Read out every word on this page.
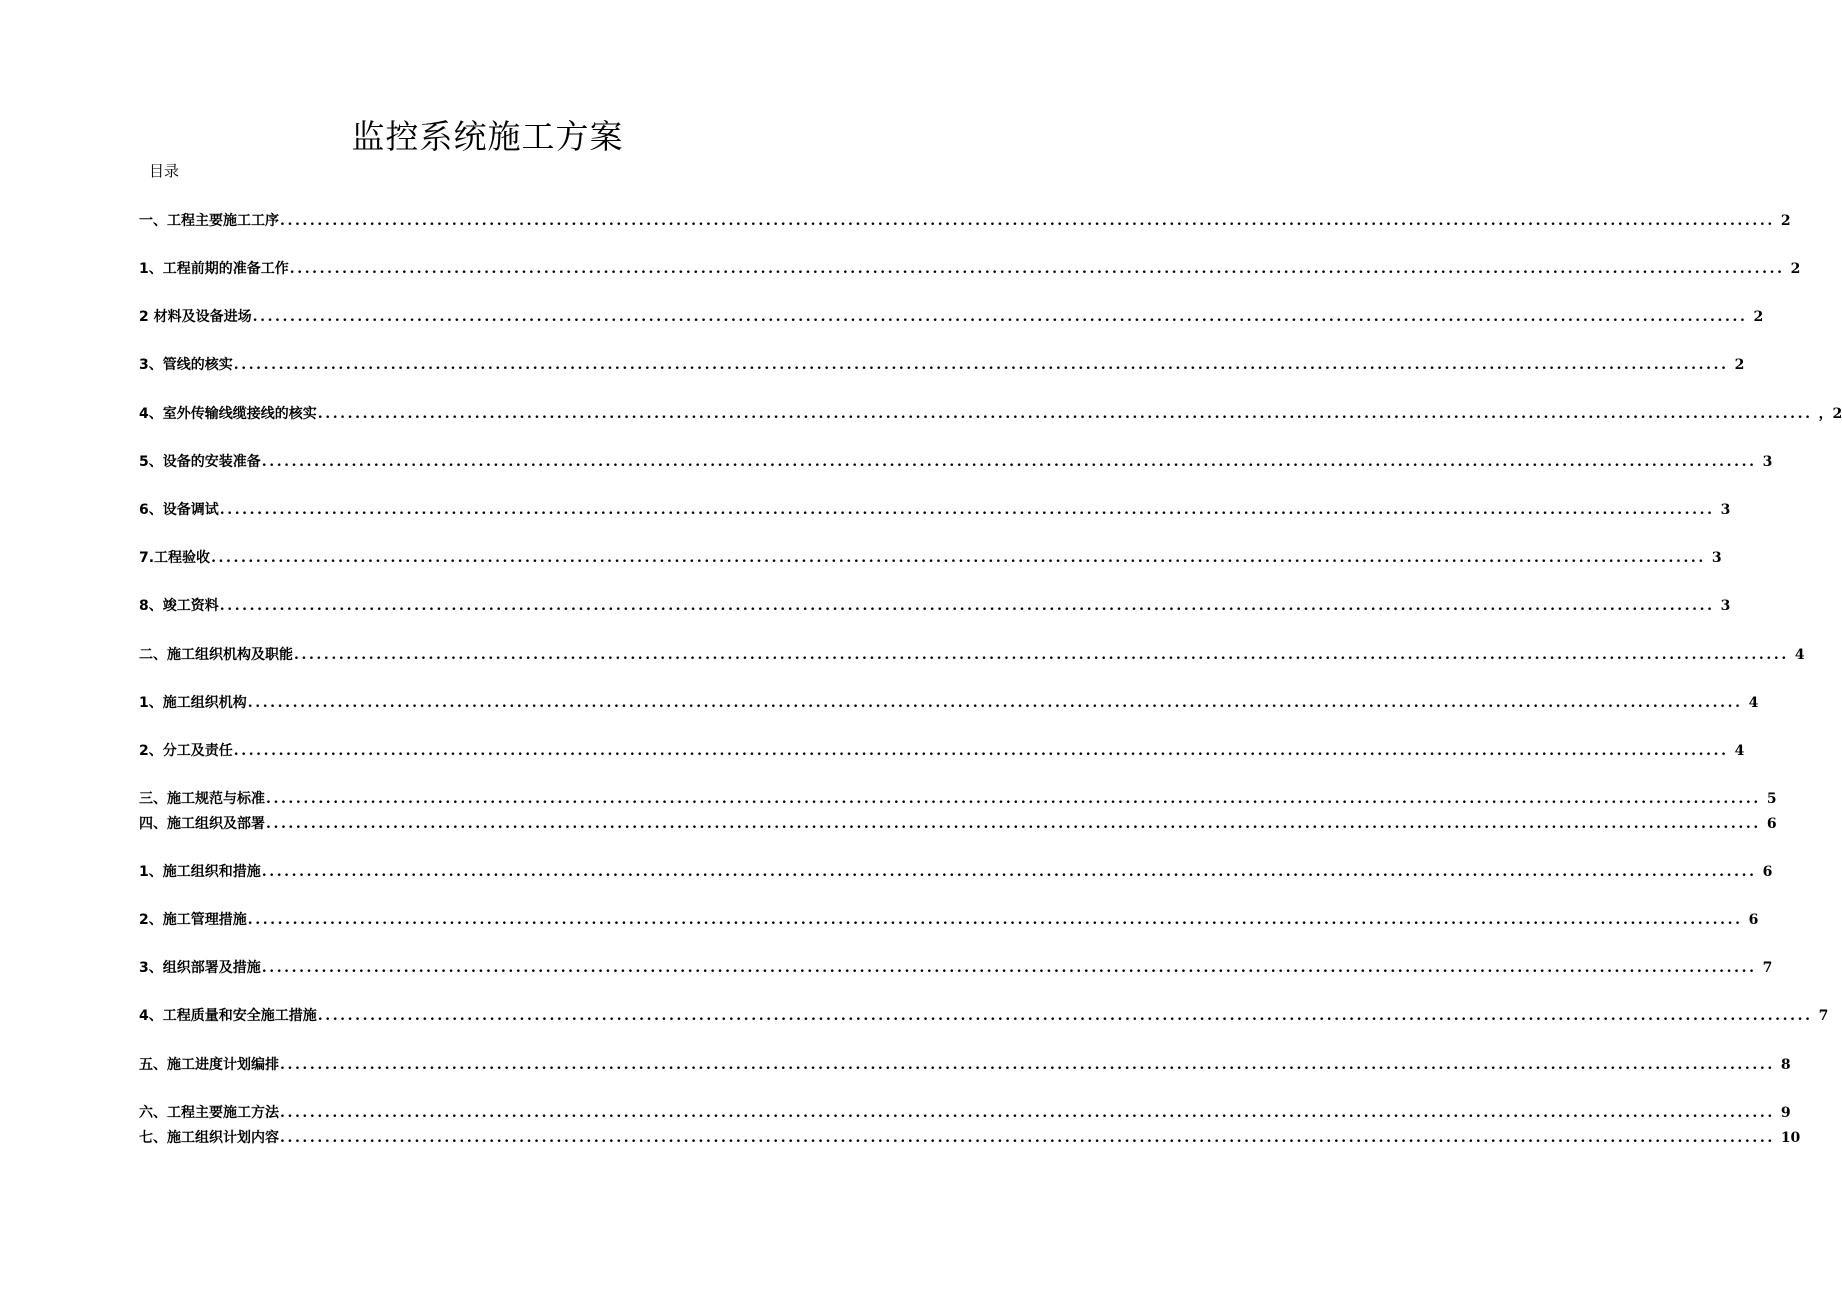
监控系统施工方案
目录
一、工程主要施工工序 ........................................................................................................................................................................................................ 2
1、工程前期的准备工作 ........................................................................................................................................................................................................ 2
2 材料及设备进场 ........................................................................................................................................................................................................ 2
3、管线的核实 ........................................................................................................................................................................................................ 2
4、室外传输线缆接线的核实 ........................................................................................................................................................................................................ ，2
5、设备的安装准备 ........................................................................................................................................................................................................ 3
6、设备调试 ........................................................................................................................................................................................................ 3
7.工程验收 ........................................................................................................................................................................................................ 3
8、竣工资料 ........................................................................................................................................................................................................ 3
二、施工组织机构及职能 ........................................................................................................................................................................................................ 4
1、施工组织机构 ........................................................................................................................................................................................................ 4
2、分工及责任 ........................................................................................................................................................................................................ 4
三、施工规范与标准 ........................................................................................................................................................................................................ 5
四、施工组织及部署 ........................................................................................................................................................................................................ 6
1、施工组织和措施 ........................................................................................................................................................................................................ 6
2、施工管理措施 ........................................................................................................................................................................................................ 6
3、组织部署及措施 ........................................................................................................................................................................................................ 7
4、工程质量和安全施工措施 ........................................................................................................................................................................................................ 7
五、施工进度计划编排 ........................................................................................................................................................................................................ 8
六、工程主要施工方法 ........................................................................................................................................................................................................ 9
七、施工组织计划内容 ........................................................................................................................................................................................................ 10
